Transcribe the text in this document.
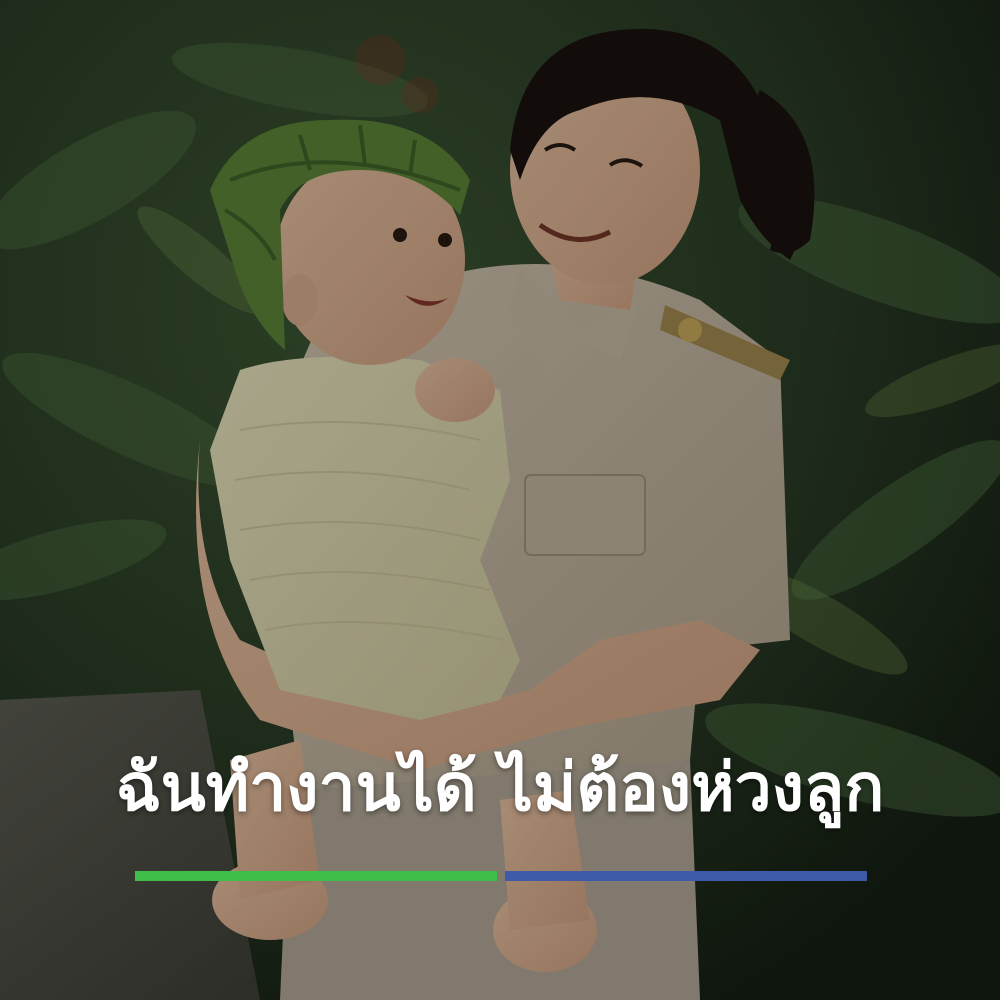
ฉันทำงานได้ ไม่ต้องห่วงลูก
